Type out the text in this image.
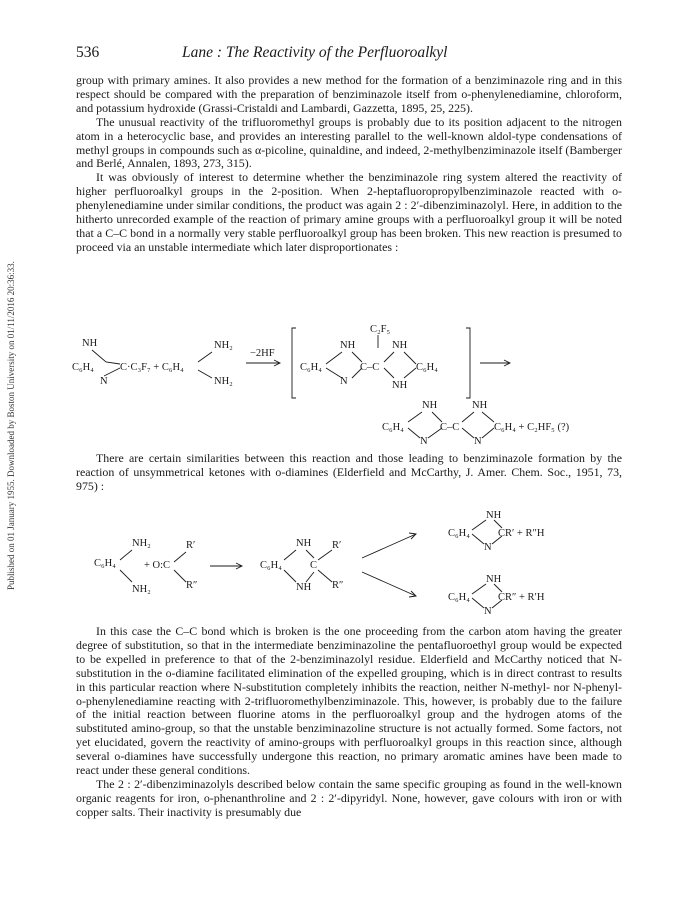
Published on 01 January 1955. Downloaded by Boston University on 01/11/2016 20:36:33.
536	Lane : The Reactivity of the Perfluoroalkyl

group with primary amines. It also provides a new method for the formation of a benziminazole ring and in this respect should be compared with the preparation of benziminazole itself from o-phenylenediamine, chloroform, and potassium hydroxide (Grassi-Cristaldi and Lambardi, Gazzetta, 1895, 25, 225).

The unusual reactivity of the trifluoromethyl groups is probably due to its position adjacent to the nitrogen atom in a heterocyclic base, and provides an interesting parallel to the well-known aldol-type condensations of methyl groups in compounds such as α-picoline, quinaldine, and indeed, 2-methylbenziminazole itself (Bamberger and Berlé, Annalen, 1893, 273, 315).

It was obviously of interest to determine whether the benziminazole ring system altered the reactivity of higher perfluoroalkyl groups in the 2-position. When 2-heptafluoropropylbenziminazole reacted with o-phenylenediamine under similar conditions, the product was again 2 : 2′-dibenziminazolyl. Here, in addition to the hitherto unrecorded example of the reaction of primary amine groups with a perfluoroalkyl group it will be noted that a C–C bond in a normally very stable perfluoroalkyl group has been broken. This new reaction is presumed to proceed via an unstable intermediate which later disproportionates :

NH
C₆H₄ C·C₃F₇ + C₆H₄
N
NH₂
NH₂
−2HF
C₂F₅
NH	NH
C₆H₄	C–C	C₆H₄
N	NH
NH	NH
C₆H₄	C–C	C₆H₄ + C₂HF₅ (?)
N	N

There are certain similarities between this reaction and those leading to benziminazole formation by the reaction of unsymmetrical ketones with o-diamines (Elderfield and McCarthy, J. Amer. Chem. Soc., 1951, 73, 975) :

NH₂
C₆H₄
NH₂
+ O:C
R′
R″
NH
C₆H₄	C
NH
R′
R″
NH
C₆H₄	CR′ + R″H
N
NH
C₆H₄	CR″ + R′H
N

In this case the C–C bond which is broken is the one proceeding from the carbon atom having the greater degree of substitution, so that in the intermediate benziminazoline the pentafluoroethyl group would be expected to be expelled in preference to that of the 2-benziminazolyl residue. Elderfield and McCarthy noticed that N-substitution in the o-diamine facilitated elimination of the expelled grouping, which is in direct contrast to results in this particular reaction where N-substitution completely inhibits the reaction, neither N-methyl- nor N-phenyl-o-phenylenediamine reacting with 2-trifluoromethylbenziminazole. This, however, is probably due to the failure of the initial reaction between fluorine atoms in the perfluoroalkyl group and the hydrogen atoms of the substituted amino-group, so that the unstable benziminazoline structure is not actually formed. Some factors, not yet elucidated, govern the reactivity of amino-groups with perfluoroalkyl groups in this reaction since, although several o-diamines have successfully undergone this reaction, no primary aromatic amines have been made to react under these general conditions.

The 2 : 2′-dibenziminazolyls described below contain the same specific grouping as found in the well-known organic reagents for iron, o-phenanthroline and 2 : 2′-dipyridyl. None, however, gave colours with iron or with copper salts. Their inactivity is presumably due
